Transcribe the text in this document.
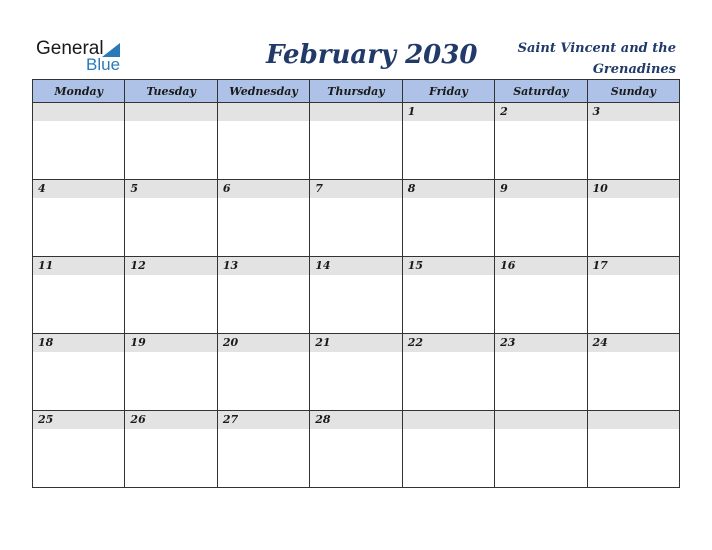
General
Blue	February 2030	Saint Vincent and the Grenadines
Monday	Tuesday	Wednesday	Thursday	Friday	Saturday	Sunday

				1	2	3

4	5	6	7	8	9	10

11	12	13	14	15	16	17

18	19	20	21	22	23	24

25	26	27	28			
